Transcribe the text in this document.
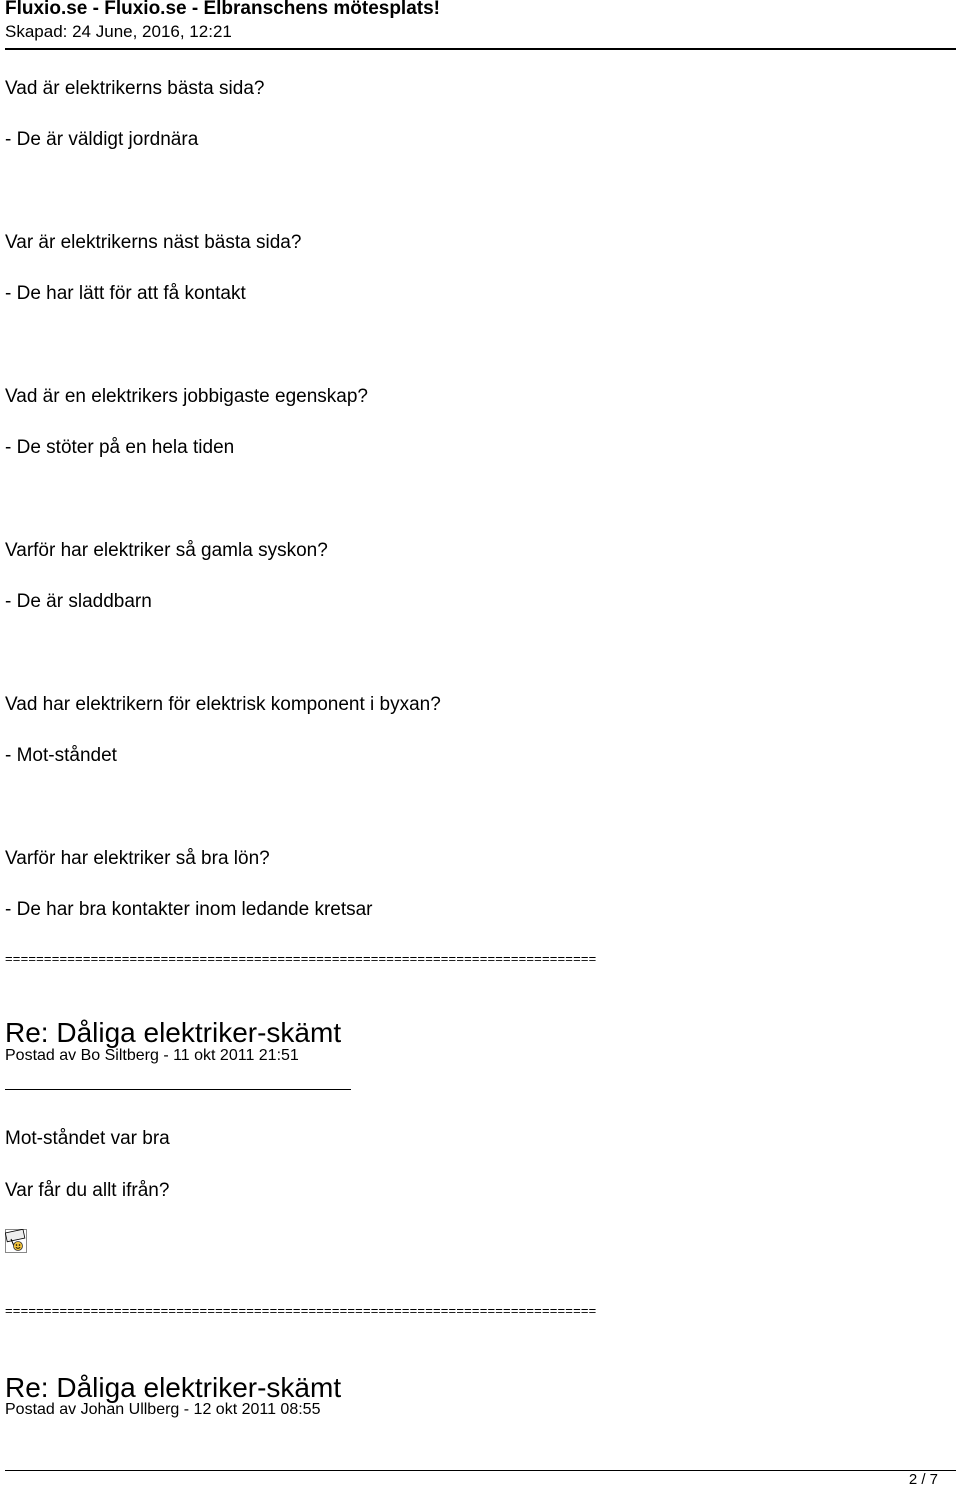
Fluxio.se - Fluxio.se - Elbranschens mötesplats!
Skapad: 24 June, 2016, 12:21
Vad är elektrikerns bästa sida?
- De är väldigt jordnära
Var är elektrikerns näst bästa sida?
- De har lätt för att få kontakt
Vad är en elektrikers jobbigaste egenskap?
- De stöter på en hela tiden
Varför har elektriker så gamla syskon?
- De är sladdbarn
Vad har elektrikern för elektrisk komponent i byxan?
- Mot-ståndet
Varför har elektriker så bra lön?
- De har bra kontakter inom ledande kretsar
============================================================================
Re: Dåliga elektriker-skämt
Postad av Bo Siltberg - 11 okt 2011 21:51
Mot-ståndet var bra
Var får du allt ifrån?
============================================================================
Re: Dåliga elektriker-skämt
Postad av Johan Ullberg - 12 okt 2011 08:55
2 / 7
